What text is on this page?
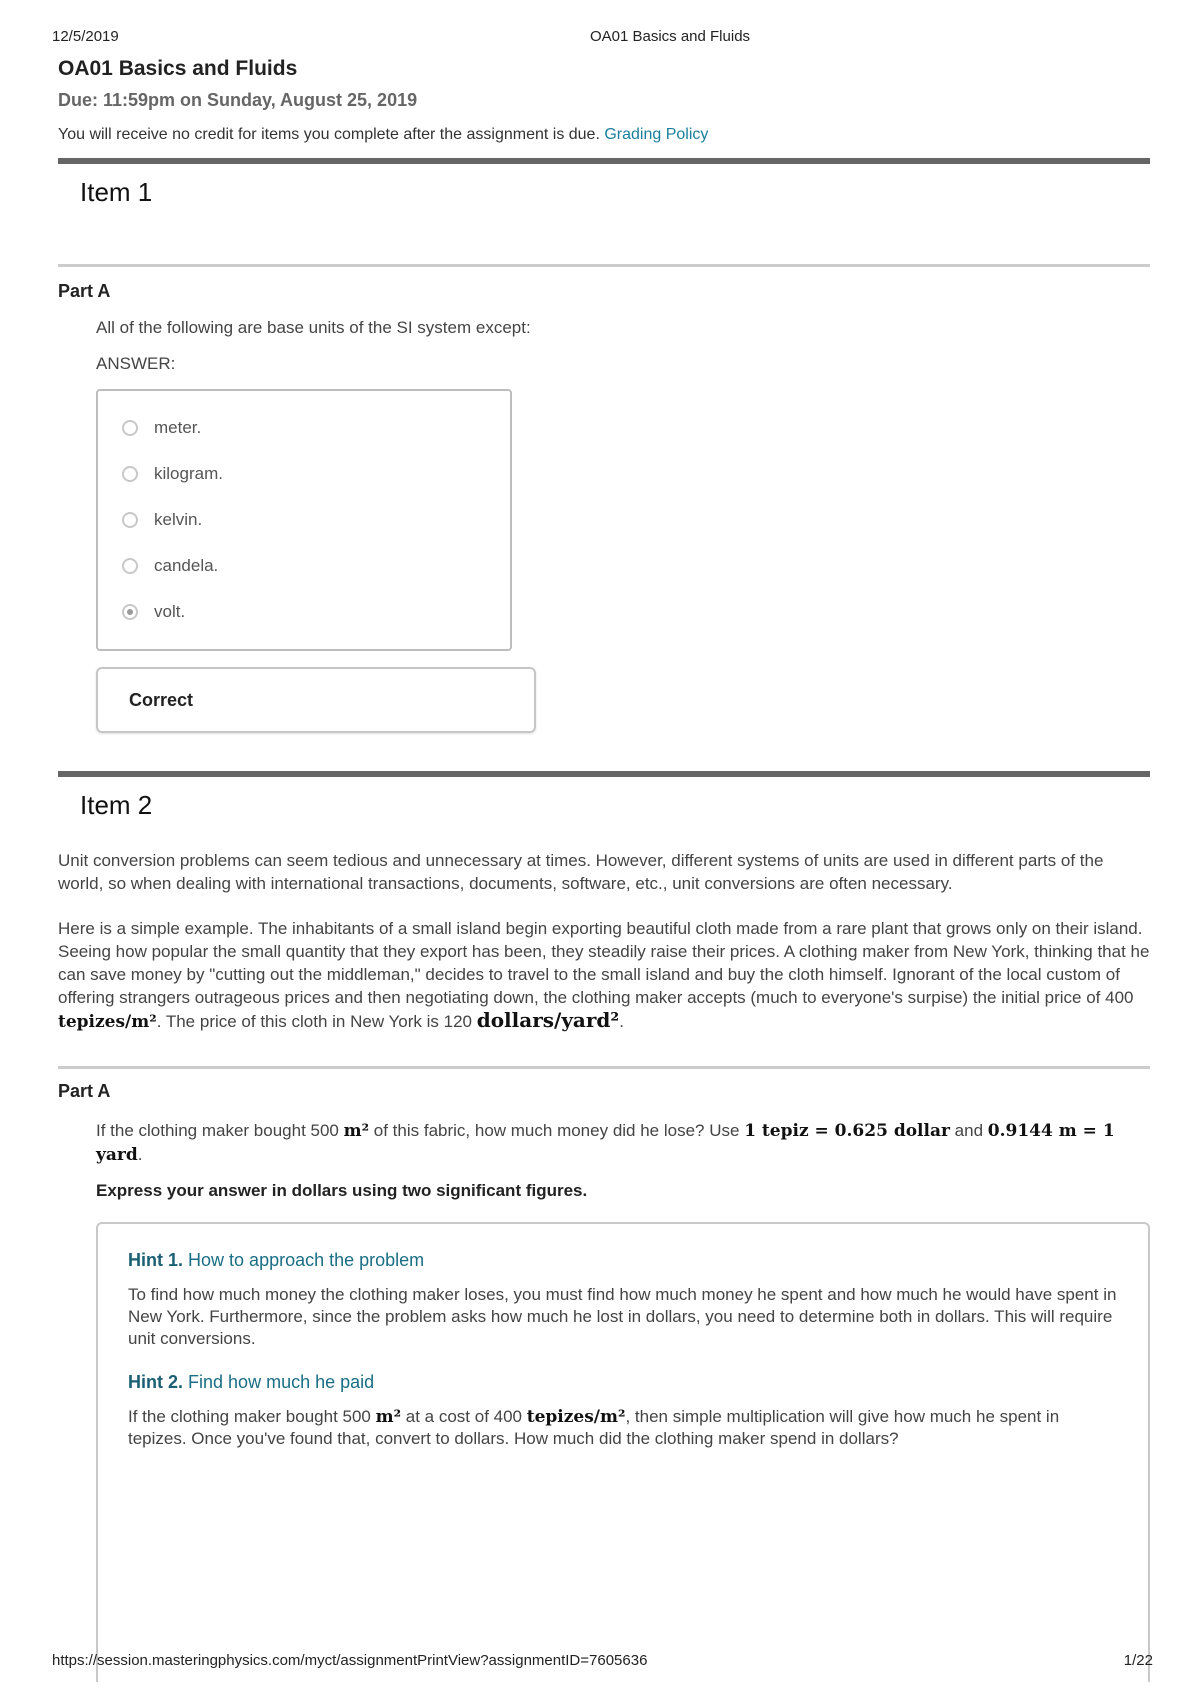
12/5/2019	OA01 Basics and Fluids
OA01 Basics and Fluids
Due: 11:59pm on Sunday, August 25, 2019
You will receive no credit for items you complete after the assignment is due. Grading Policy
Item 1
Part A
All of the following are base units of the SI system except:
ANSWER:
meter.
kilogram.
kelvin.
candela.
volt.
Correct
Item 2

Unit conversion problems can seem tedious and unnecessary at times. However, different systems of units are used in different parts of the world, so when dealing with international transactions, documents, software, etc., unit conversions are often necessary.

Here is a simple example. The inhabitants of a small island begin exporting beautiful cloth made from a rare plant that grows only on their island. Seeing how popular the small quantity that they export has been, they steadily raise their prices. A clothing maker from New York, thinking that he can save money by "cutting out the middleman," decides to travel to the small island and buy the cloth himself. Ignorant of the local custom of offering strangers outrageous prices and then negotiating down, the clothing maker accepts (much to everyone's surpise) the initial price of 400 tepizes/m². The price of this cloth in New York is 120 dollars/yard².

Part A

If the clothing maker bought 500 m² of this fabric, how much money did he lose? Use 1 tepiz = 0.625 dollar and 0.9144 m = 1 yard.

Express your answer in dollars using two significant figures.
Hint 1. How to approach the problem
To find how much money the clothing maker loses, you must find how much money he spent and how much he would have spent in New York. Furthermore, since the problem asks how much he lost in dollars, you need to determine both in dollars. This will require unit conversions.
Hint 2. Find how much he paid
If the clothing maker bought 500 m² at a cost of 400 tepizes/m², then simple multiplication will give how much he spent in tepizes. Once you've found that, convert to dollars. How much did the clothing maker spend in dollars?
https://session.masteringphysics.com/myct/assignmentPrintView?assignmentID=7605636	1/22
